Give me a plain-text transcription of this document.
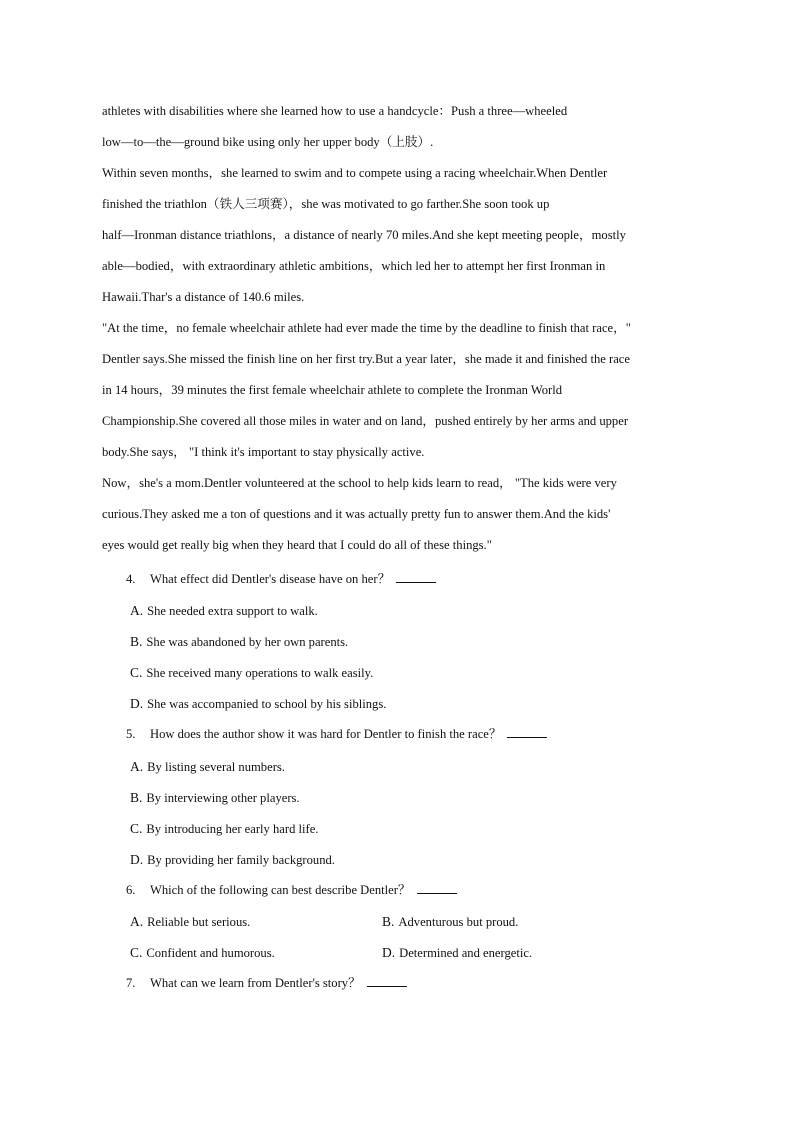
athletes with disabilities where she learned how to use a handcycle：Push a three—wheeled
low—to—the—ground bike using only her upper body（上肢）.
Within seven months，she learned to swim and to compete using a racing wheelchair.When Dentler
finished the triathlon（铁人三项赛），she was motivated to go farther.She soon took up
half—Ironman distance triathlons，a distance of nearly 70 miles.And she kept meeting people，mostly
able—bodied，with extraordinary athletic ambitions，which led her to attempt her first Ironman in
Hawaii.Thar's a distance of 140.6 miles.
"At the time，no female wheelchair athlete had ever made the time by the deadline to finish that race，"
Dentler says.She missed the finish line on her first try.But a year later，she made it and finished the race
in 14 hours，39 minutes the first female wheelchair athlete to complete the Ironman World
Championship.She covered all those miles in water and on land，pushed entirely by her arms and upper
body.She says， "I think it's important to stay physically active.
Now，she's a mom.Dentler volunteered at the school to help kids learn to read， "The kids were very
curious.They asked me a ton of questions and it was actually pretty fun to answer them.And the kids'
eyes would get really big when they heard that I could do all of these things."
4. What effect did Dentler's disease have on her？
A. She needed extra support to walk.
B. She was abandoned by her own parents.
C. She received many operations to walk easily.
D. She was accompanied to school by his siblings.
5. How does the author show it was hard for Dentler to finish the race？
A. By listing several numbers.
B. By interviewing other players.
C. By introducing her early hard life.
D. By providing her family background.
6. Which of the following can best describe Dentler？
A. Reliable but serious.	B. Adventurous but proud.
C. Confident and humorous.	D. Determined and energetic.
7. What can we learn from Dentler's story？
